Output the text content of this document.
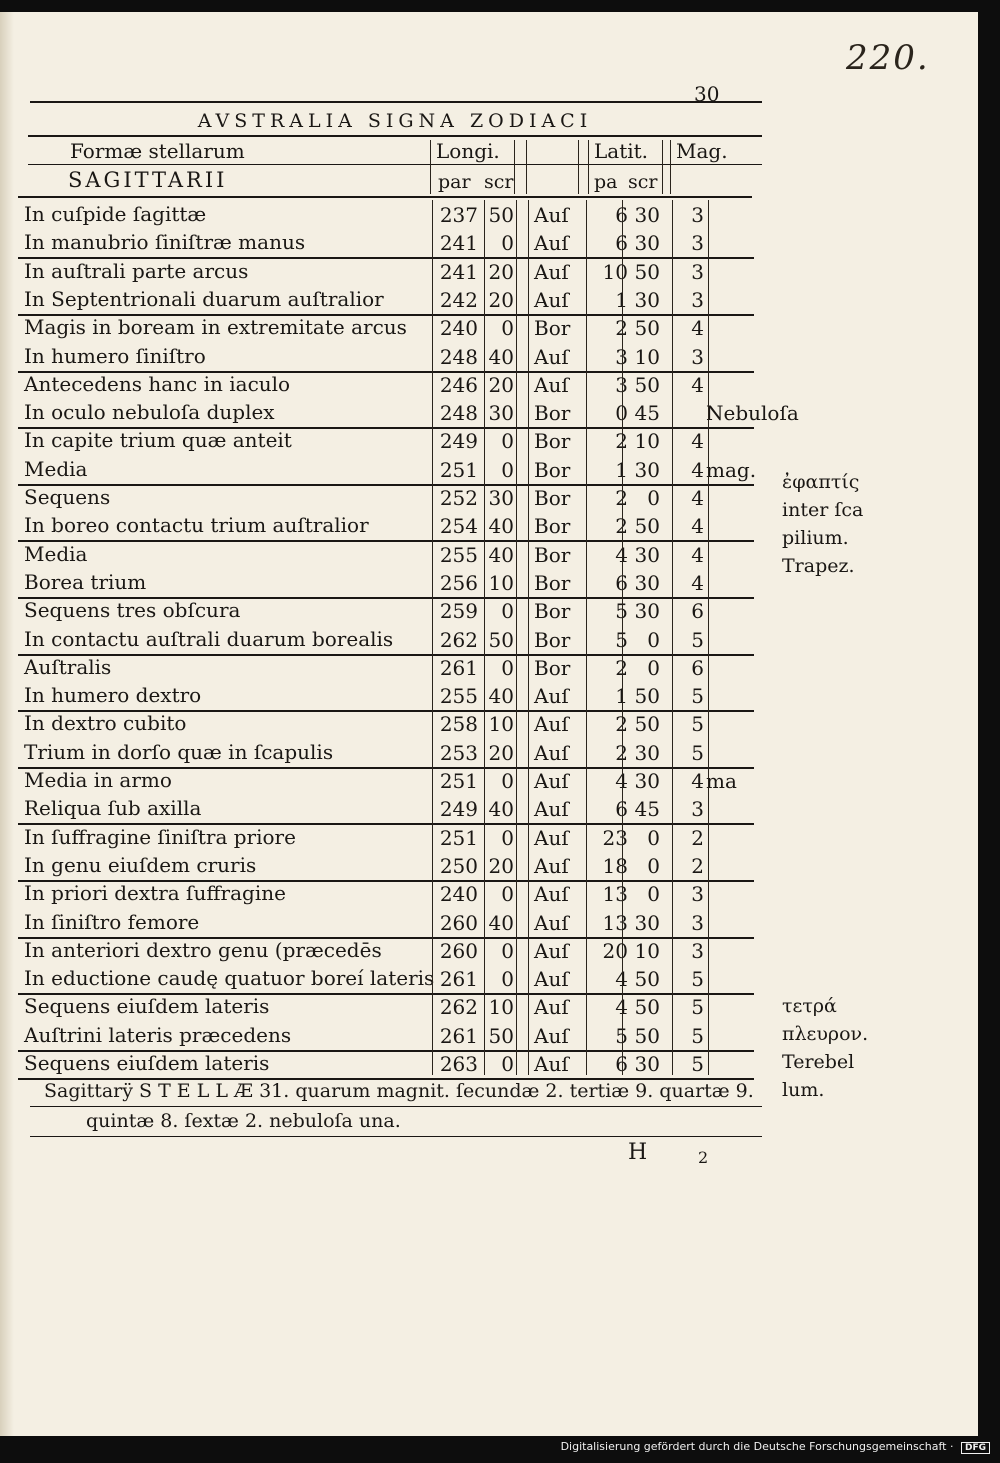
220.
30
AVSTRALIA SIGNA ZODIACI
Formæ stellarum	Longi.	Latit. Mag.
SAGITTARII	par scr	pa scr
Sagittarÿ S T E L L Æ 31. quarum magnit. ſecundæ 2. tertiæ 9. quartæ 9.
quintæ 8. ſextæ 2. nebuloſa una.
ἐφαπτίς
inter ſca
pilium.
Trapez.
τετρά
πλευρον.
Terebel
lum.
H	2
In cuſpide ſagittæ	237 50 Auſ	6 30	3
In manubrio ſiniſtræ manus	241	0 Auſ	6 30	3
In auſtrali parte arcus	241 20 Auſ	10 50	3
In Septentrionali duarum auſtralior	242 20 Auſ	1 30	3
Magis in boream in extremitate arcus	240	0 Bor	2 50	4
In humero ſiniſtro	248 40 Auſ	3 10	3
Antecedens hanc in iaculo	246 20 Auſ	3 50	4
In oculo nebuloſa duplex	248 30 Bor	0 45 Nebuloſa
In capite trium quæ anteit	249	0 Bor	2 10	4
Media	251	0 Bor	1 30	4 mag.
Sequens	252 30 Bor	2 0	4
In boreo contactu trium auſtralior	254 40 Bor	2 50	4
Media	255 40 Bor	4 30	4
Borea trium	256 10 Bor	6 30	4
Sequens tres obſcura	259	0 Bor	5 30	6
In contactu auſtrali duarum borealis	262 50 Bor	5 0	5
Auſtralis	261	0 Bor	2 0	6
In humero dextro	255 40 Auſ	1 50	5
In dextro cubito	258 10 Auſ	2 50	5
Trium in dorſo quæ in ſcapulis	253 20 Auſ	2 30	5
Media in armo	251	0 Auſ	4 30	4 ma
Reliqua ſub axilla	249 40 Auſ	6 45	3
In ſuffragine ſiniſtra priore	251	0 Auſ	23 0	2
In genu eiuſdem cruris	250 20 Auſ	18 0	2
In priori dextra ſuffragine	240	0 Auſ	13 0	3
In ſiniſtro femore	260 40 Auſ	13 30	3
In anteriori dextro genu (præcedēs	260	0 Auſ	20 10	3
In eductione caudę quatuor boreí lateris 261	0 Auſ	4 50	5
Sequens eiuſdem lateris	262 10 Auſ	4 50	5
Auſtrini lateris præcedens	261 50 Auſ	5 50	5
Sequens eiuſdem lateris	263	0 Auſ	6 30	5
Digitalisierung gefördert durch die Deutsche Forschungsgemeinschaft · DFG
